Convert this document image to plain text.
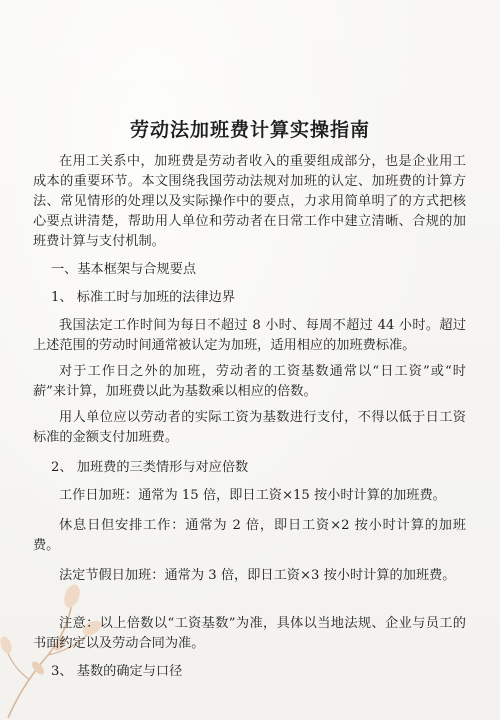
劳动法加班费计算实操指南

在用工关系中，加班费是劳动者收入的重要组成部分，也是企业用工成本的重要环节。本文围绕我国劳动法规对加班的认定、加班费的计算方法、常见情形的处理以及实际操作中的要点，力求用简单明了的方式把核心要点讲清楚，帮助用人单位和劳动者在日常工作中建立清晰、合规的加班费计算与支付机制。

一、基本框架与合规要点

1、 标准工时与加班的法律边界

我国法定工作时间为每日不超过 8 小时、每周不超过 44 小时。超过上述范围的劳动时间通常被认定为加班，适用相应的加班费标准。

对于工作日之外的加班，劳动者的工资基数通常以“日工资”或“时薪”来计算，加班费以此为基数乘以相应的倍数。

用人单位应以劳动者的实际工资为基数进行支付，不得以低于日工资标准的金额支付加班费。

2、 加班费的三类情形与对应倍数

工作日加班：通常为 15 倍，即日工资×15 按小时计算的加班费。

休息日但安排工作：通常为 2 倍，即日工资×2 按小时计算的加班费。

法定节假日加班：通常为 3 倍，即日工资×3 按小时计算的加班费。

注意：以上倍数以“工资基数”为准，具体以当地法规、企业与员工的书面约定以及劳动合同为准。

3、 基数的确定与口径
